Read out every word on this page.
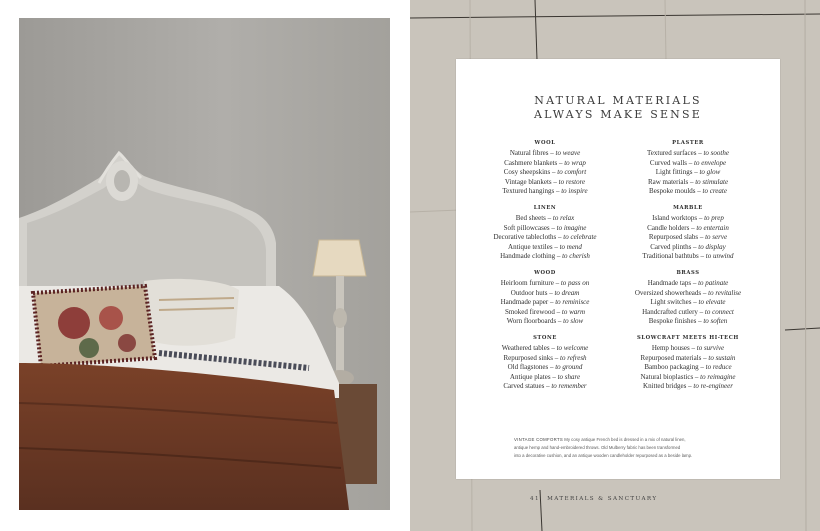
NATURAL MATERIALS
ALWAYS MAKE SENSE
WOOL
Natural fibres – to weave
Cashmere blankets – to wrap
Cosy sheepskins – to comfort
Vintage blankets – to restore
Textured hangings – to inspire
LINEN
Bed sheets – to relax
Soft pillowcases – to imagine
Decorative tablecloths – to celebrate
Antique textiles – to mend
Handmade clothing – to cherish
WOOD
Heirloom furniture – to pass on
Outdoor huts – to dream
Handmade paper – to reminisce
Smoked firewood – to warm
Worn floorboards – to slow
STONE
Weathered tables – to welcome
Repurposed sinks – to refresh
Old flagstones – to ground
Antique plates – to share
Carved statues – to remember
PLASTER
Textured surfaces – to soothe
Curved walls – to envelope
Light fittings – to glow
Raw materials – to stimulate
Bespoke moulds – to create
MARBLE
Island worktops – to prep
Candle holders – to entertain
Repurposed slabs – to serve
Carved plinths – to display
Traditional bathtubs – to unwind
BRASS
Handmade taps – to patinate
Oversized showerheads – to revitalise
Light switches – to elevate
Handcrafted cutlery – to connect
Bespoke finishes – to soften
SLOWCRAFT MEETS HI-TECH
Hemp houses – to survive
Repurposed materials – to sustain
Bamboo packaging – to reduce
Natural bioplastics – to reimagine
Knitted bridges – to re-engineer
VINTAGE COMFORTS My cosy antique French bed is dressed in a mix of natural linen,
antique hemp and hand-embroidered throws. Old Mulberry fabric has been transformed
into a decorative cushion, and an antique wooden candleholder repurposed as a beside lamp.
41 MATERIALS & SANCTUARY
